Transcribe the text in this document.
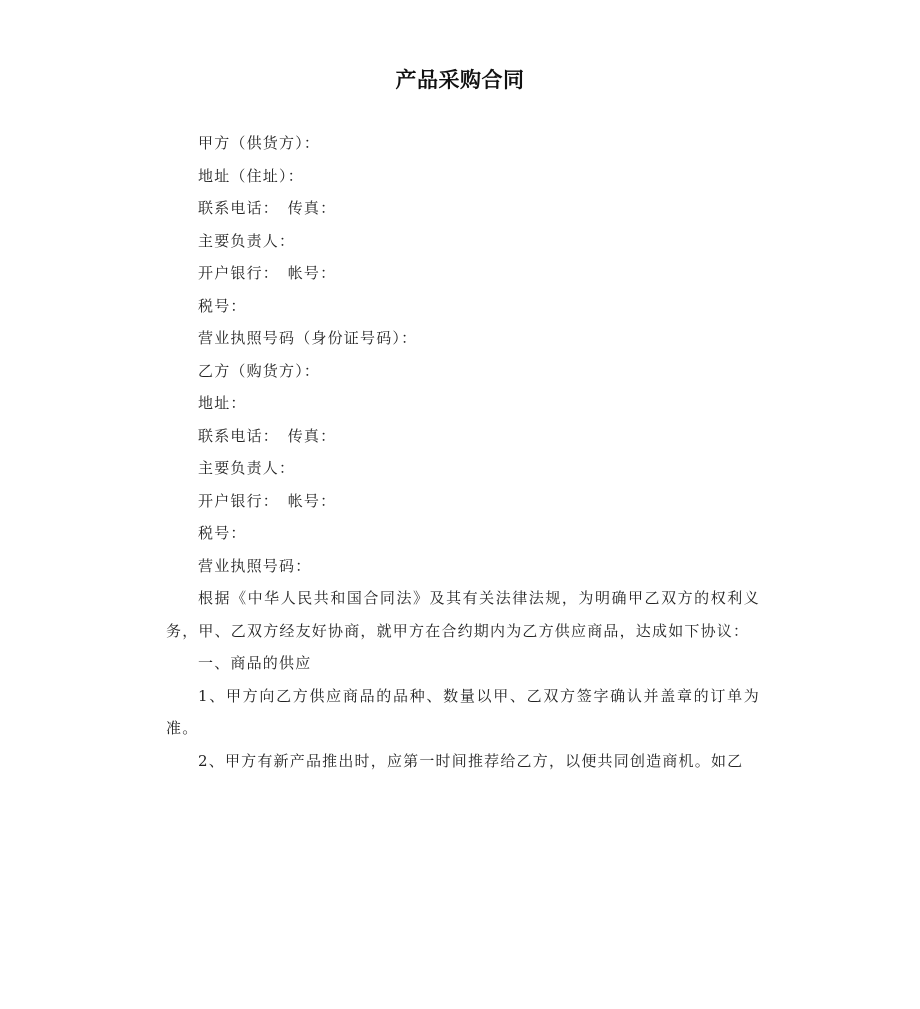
产品采购合同
甲方（供货方）：
地址（住址）：
联系电话：　传真：
主要负责人：
开户银行：　帐号：
税号：
营业执照号码（身份证号码）：
乙方（购货方）：
地址：
联系电话：　传真：
主要负责人：
开户银行：　帐号：
税号：
营业执照号码：

根据《中华人民共和国合同法》及其有关法律法规，为明确甲乙双方的权利义务，甲、乙双方经友好协商，就甲方在合约期内为乙方供应商品，达成如下协议：

一、商品的供应

1、甲方向乙方供应商品的品种、数量以甲、乙双方签字确认并盖章的订单为准。

2、甲方有新产品推出时，应第一时间推荐给乙方，以便共同创造商机。如乙
